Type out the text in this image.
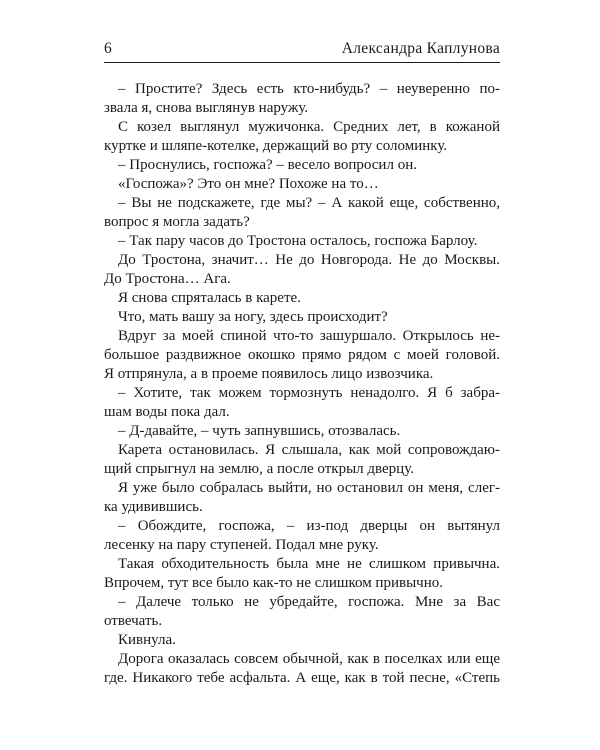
6	Александра Каплунова
– Простите? Здесь есть кто-нибудь? – неуверенно по-
звала я, снова выглянув наружу.
С козел выглянул мужичонка. Средних лет, в кожаной
куртке и шляпе-котелке, держащий во рту соломинку.
– Проснулись, госпожа? – весело вопросил он.
«Госпожа»? Это он мне? Похоже на то…
– Вы не подскажете, где мы? – А какой еще, собственно,
вопрос я могла задать?
– Так пару часов до Тростона осталось, госпожа Барлоу.
До Тростона, значит… Не до Новгорода. Не до Москвы.
До Тростона… Ага.
Я снова спряталась в карете.
Что, мать вашу за ногу, здесь происходит?
Вдруг за моей спиной что-то зашуршало. Открылось не-
большое раздвижное окошко прямо рядом с моей головой.
Я отпрянула, а в проеме появилось лицо извозчика.
– Хотите, так можем тормознуть ненадолго. Я б забра-
шам воды пока дал.
– Д-давайте, – чуть запнувшись, отозвалась.
Карета остановилась. Я слышала, как мой сопровождаю-
щий спрыгнул на землю, а после открыл дверцу.
Я уже было собралась выйти, но остановил он меня, слег-
ка удивившись.
– Обождите, госпожа, – из-под дверцы он вытянул
лесенку на пару ступеней. Подал мне руку.
Такая обходительность была мне не слишком привычна.
Впрочем, тут все было как-то не слишком привычно.
– Далече только не убредайте, госпожа. Мне за Вас
отвечать.
Кивнула.
Дорога оказалась совсем обычной, как в поселках или еще
где. Никакого тебе асфальта. А еще, как в той песне, «Степь
